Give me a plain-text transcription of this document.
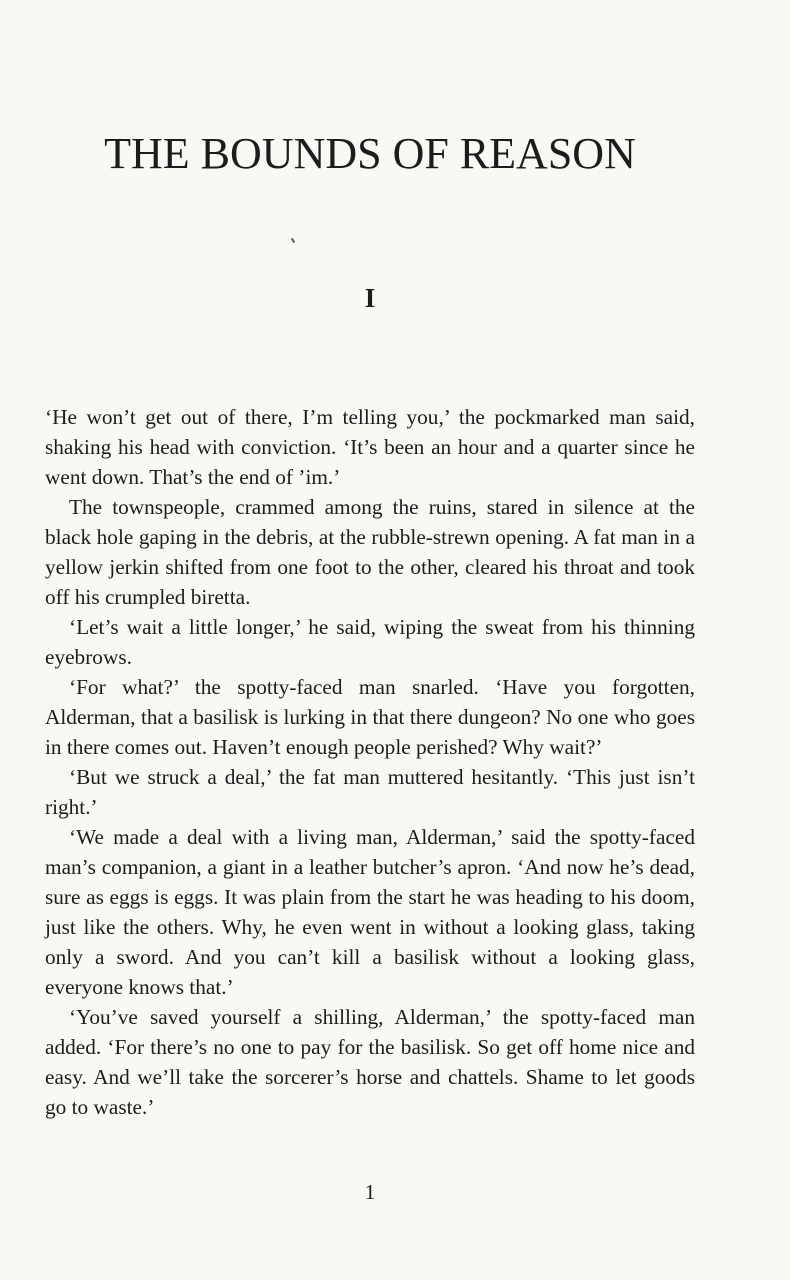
THE BOUNDS OF REASON
I

‘He won’t get out of there, I’m telling you,’ the pockmarked man said, shaking his head with conviction. ‘It’s been an hour and a quarter since he went down. That’s the end of ’im.’

The townspeople, crammed among the ruins, stared in silence at the black hole gaping in the debris, at the rubble-strewn opening. A fat man in a yellow jerkin shifted from one foot to the other, cleared his throat and took off his crumpled biretta.

‘Let’s wait a little longer,’ he said, wiping the sweat from his thinning eyebrows.

‘For what?’ the spotty-faced man snarled. ‘Have you forgotten, Alderman, that a basilisk is lurking in that there dungeon? No one who goes in there comes out. Haven’t enough people perished? Why wait?’

‘But we struck a deal,’ the fat man muttered hesitantly. ‘This just isn’t right.’

‘We made a deal with a living man, Alderman,’ said the spotty-faced man’s companion, a giant in a leather butcher’s apron. ‘And now he’s dead, sure as eggs is eggs. It was plain from the start he was heading to his doom, just like the others. Why, he even went in without a looking glass, taking only a sword. And you can’t kill a basilisk without a looking glass, everyone knows that.’

‘You’ve saved yourself a shilling, Alderman,’ the spotty-faced man added. ‘For there’s no one to pay for the basilisk. So get off home nice and easy. And we’ll take the sorcerer’s horse and chattels. Shame to let goods go to waste.’

1
